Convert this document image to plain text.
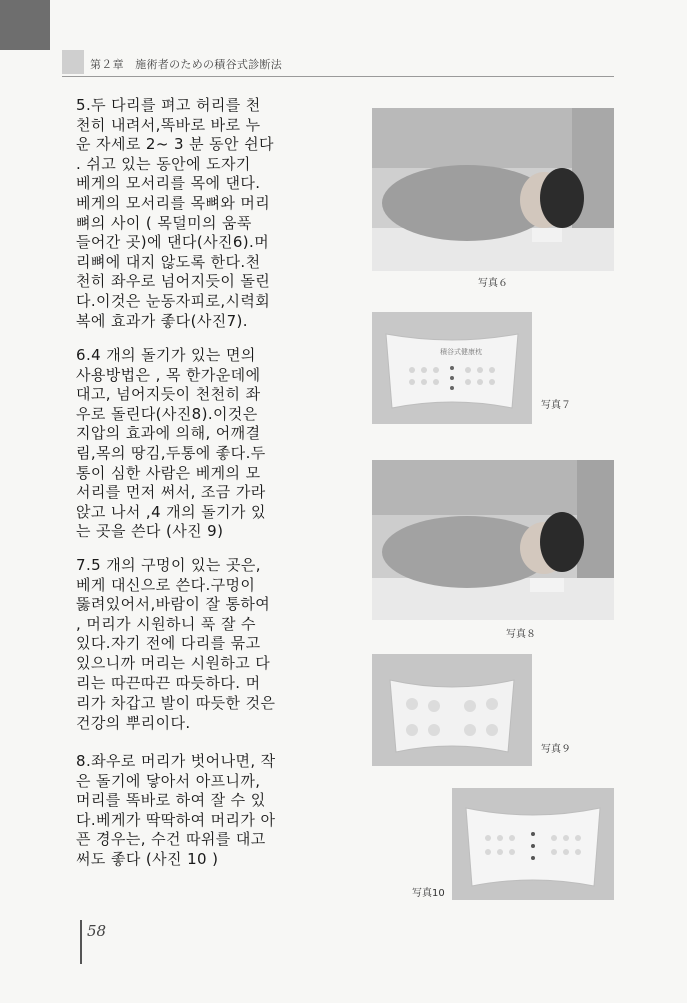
第２章　施術者のための積谷式診断法

5.두 다리를 펴고 허리를 천
천히 내려서,똑바로 바로 누
운 자세로 2~ 3 분 동안 쉰다
. 쉬고 있는 동안에 도자기
베게의 모서리를 목에 댄다.
베게의 모서리를 목뼈와 머리
뼈의 사이 ( 목덜미의 움푹
들어간 곳)에 댄다(사진6).머
리뼈에 대지 않도록 한다.천
천히 좌우로 넘어지듯이 돌린
다.이것은 눈동자피로,시력회
복에 효과가 좋다(사진7).

6.4 개의 돌기가 있는 면의
사용방법은 , 목 한가운데에
대고, 넘어지듯이 천천히 좌
우로 돌린다(사진8).이것은
지압의 효과에 의해, 어깨결
림,목의 땅김,두통에 좋다.두
통이 심한 사람은 베게의 모
서리를 먼저 써서, 조금 가라
앉고 나서 ,4 개의 돌기가 있
는 곳을 쓴다 (사진 9)

7.5 개의 구멍이 있는 곳은,
베게 대신으로 쓴다.구멍이
뚫려있어서,바람이 잘 통하여
, 머리가 시원하니 푹 잘 수
있다.자기 전에 다리를 묶고
있으니까 머리는 시원하고 다
리는 따끈따끈 따듯하다. 머

리가 차갑고 발이 따듯한 것은
건강의 뿌리이다.

8.좌우로 머리가 벗어나면, 작
은 돌기에 닿아서 아프니까,
머리를 똑바로 하여 잘 수 있
다.베게가 딱딱하여 머리가 아
픈 경우는, 수건 따위를 대고
써도 좋다 (사진 10 )

写真６
積谷式健康枕
写真７
写真８
写真９
写真10
58
